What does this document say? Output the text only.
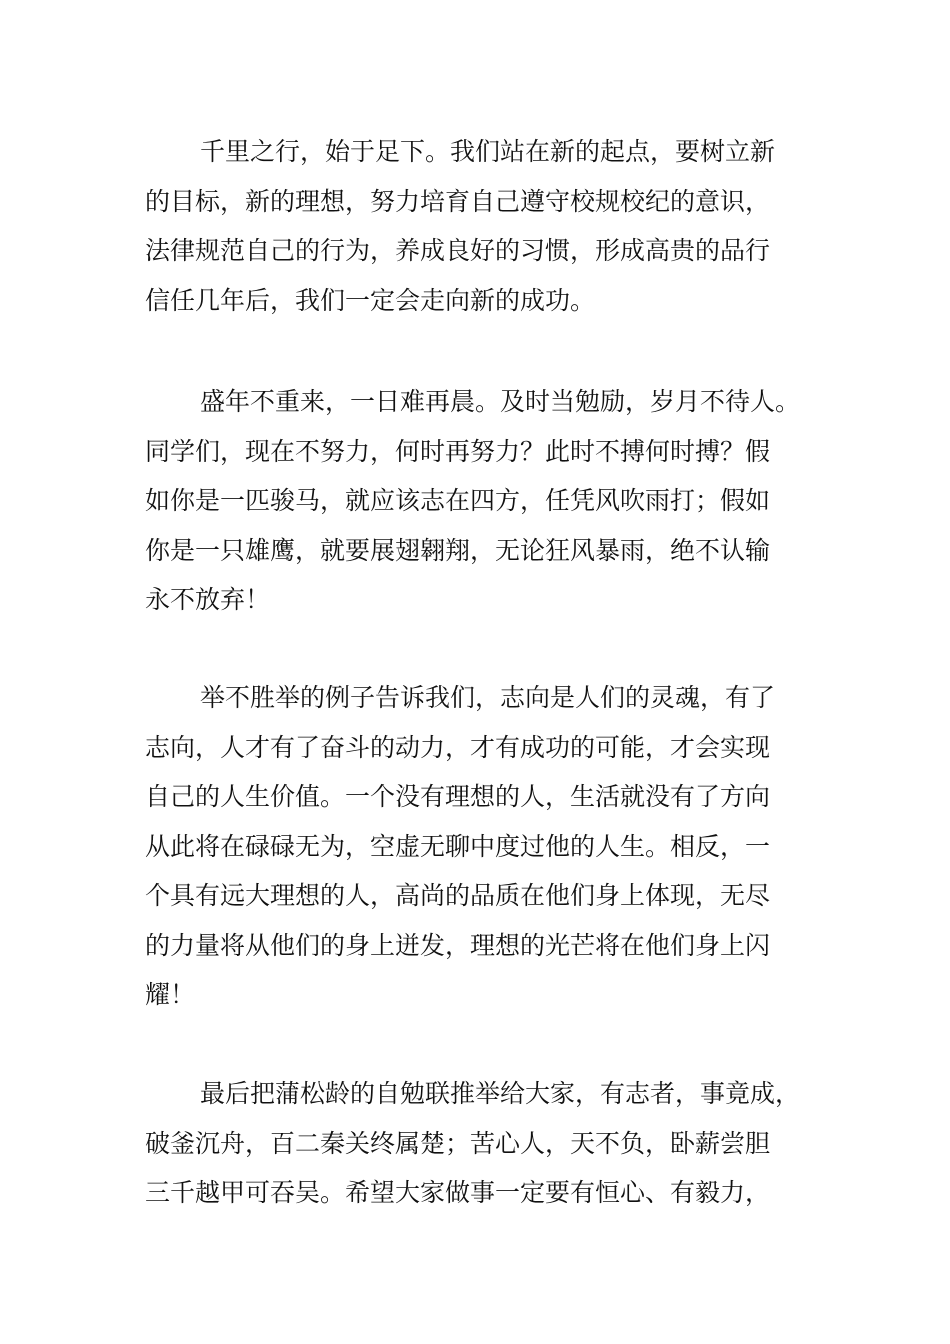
千里之行，始于足下。我们站在新的起点，要树立新
的目标，新的理想，努力培育自己遵守校规校纪的意识，
法律规范自己的行为，养成良好的习惯，形成高贵的品行
信任几年后，我们一定会走向新的成功。
盛年不重来，一日难再晨。及时当勉励，岁月不待人。
同学们，现在不努力，何时再努力？此时不搏何时搏？假
如你是一匹骏马，就应该志在四方，任凭风吹雨打；假如
你是一只雄鹰，就要展翅翱翔，无论狂风暴雨，绝不认输
永不放弃！
举不胜举的例子告诉我们，志向是人们的灵魂，有了
志向，人才有了奋斗的动力，才有成功的可能，才会实现
自己的人生价值。一个没有理想的人，生活就没有了方向
从此将在碌碌无为，空虚无聊中度过他的人生。相反，一
个具有远大理想的人，高尚的品质在他们身上体现，无尽
的力量将从他们的身上迸发，理想的光芒将在他们身上闪
耀！
最后把蒲松龄的自勉联推举给大家，有志者，事竟成，
破釜沉舟，百二秦关终属楚；苦心人，天不负，卧薪尝胆
三千越甲可吞吴。希望大家做事一定要有恒心、有毅力，
